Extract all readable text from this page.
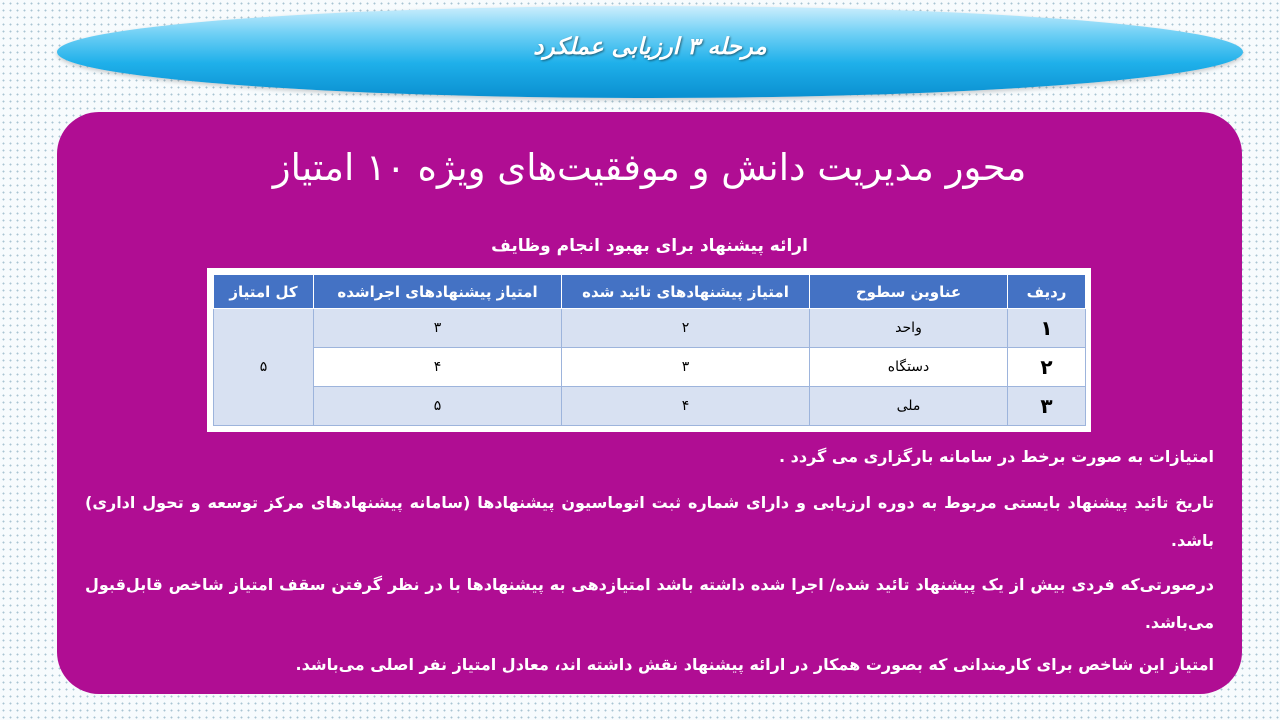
مرحله ۳ ارزیابی عملکرد
محور مدیریت دانش و موفقیت‌های ویژه ۱۰ امتیاز
ارائه پیشنهاد برای بهبود انجام وظایف
ردیف	عناوین سطوح	امتیاز پیشنهادهای تائید شده	امتیاز پیشنهادهای اجراشده	کل امتیاز
۱	واحد	۲	۳	۵
۲	دستگاه	۳	۴	
۳	ملی	۴	۵	
امتیازات به صورت برخط در سامانه بارگزاری می گردد .
تاریخ تائید پیشنهاد بایستی مربوط به دوره ارزیابی و دارای شماره ثبت اتوماسیون پیشنهادها (سامانه پیشنهادهای مرکز توسعه و تحول اداری) باشد.
درصورتی‌که فردی بیش از یک پیشنهاد تائید شده/ اجرا شده داشته باشد امتیازدهی به پیشنهادها با در نظر گرفتن سقف امتیاز شاخص قابل‌قبول می‌باشد.
امتیاز این شاخص برای کارمندانی که بصورت همکار در ارائه پیشنهاد نقش داشته اند، معادل امتیاز نفر اصلی می‌باشد.
